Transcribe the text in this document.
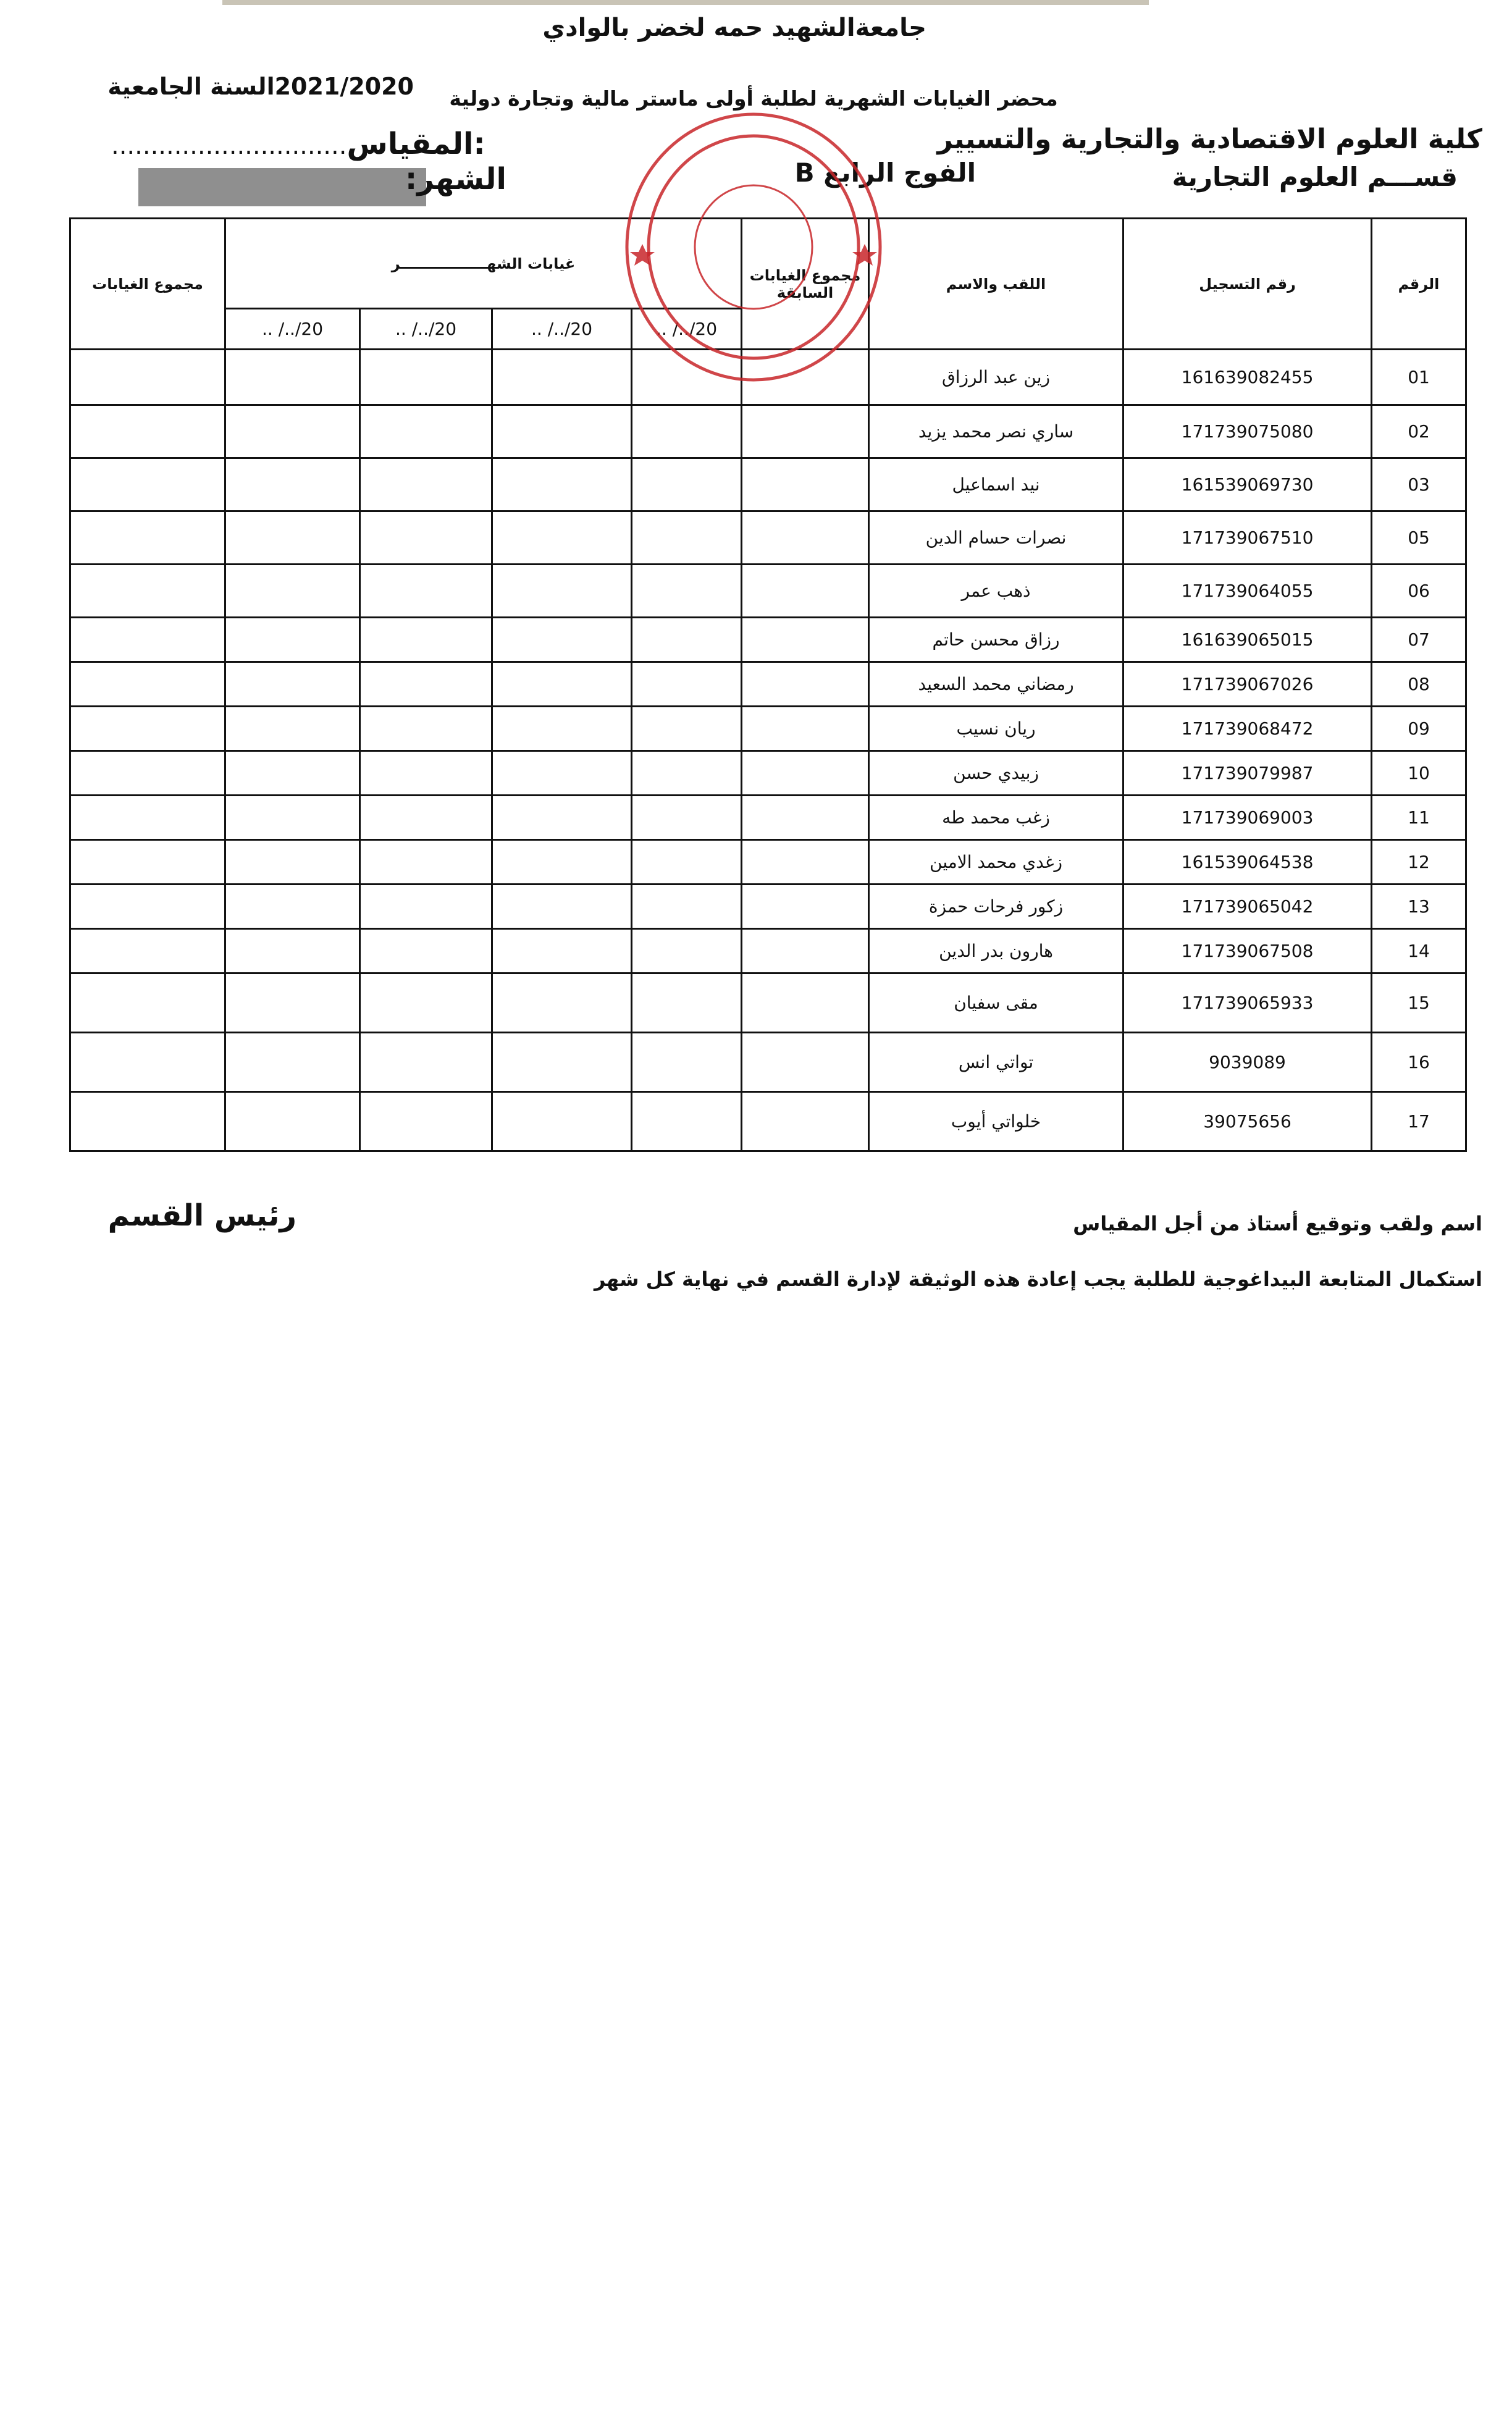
جامعةالشهيد حمه لخضر بالوادي
محضر الغيابات الشهرية لطلبة أولى ماستر مالية وتجارة دولية
2021/2020السنة الجامعية
كلية العلوم الاقتصادية والتجارية والتسيير
قســـم العلوم التجارية
..............................المقياس:
الشهر:	الفوج الرابع B
الرقم	رقم التسجيل	اللقب والاسم	مجموع الغيابات السابقة	غيابات الشهـــــــــــــــــر				مجموع الغيابات
				.. /../20	.. /../20	.. /../20	.. /../20	
01	161639082455	زين عبد الرزاق						
02	171739075080	ساري نصر محمد يزيد						
03	161539069730	نيد اسماعيل						
05	171739067510	نصرات حسام الدين						
06	171739064055	ذهب عمر						
07	161639065015	رزاق محسن حاتم						
08	171739067026	رمضاني محمد السعيد						
09	171739068472	ريان نسيب						
10	171739079987	زبيدي حسن						
11	171739069003	زغب محمد طه						
12	161539064538	زغدي محمد الامين						
13	171739065042	زكور فرحات حمزة						
14	171739067508	هارون بدر الدين						
15	171739065933	مقى سفيان						
16	9039089	تواتي انس						
17	39075656	خلواتي أيوب						
رئيس القسم	اسم ولقب وتوقيع أستاذ من أجل المقياس
استكمال المتابعة البيداغوجية للطلبة يجب إعادة هذه الوثيقة لإدارة القسم في نهاية كل شهر
